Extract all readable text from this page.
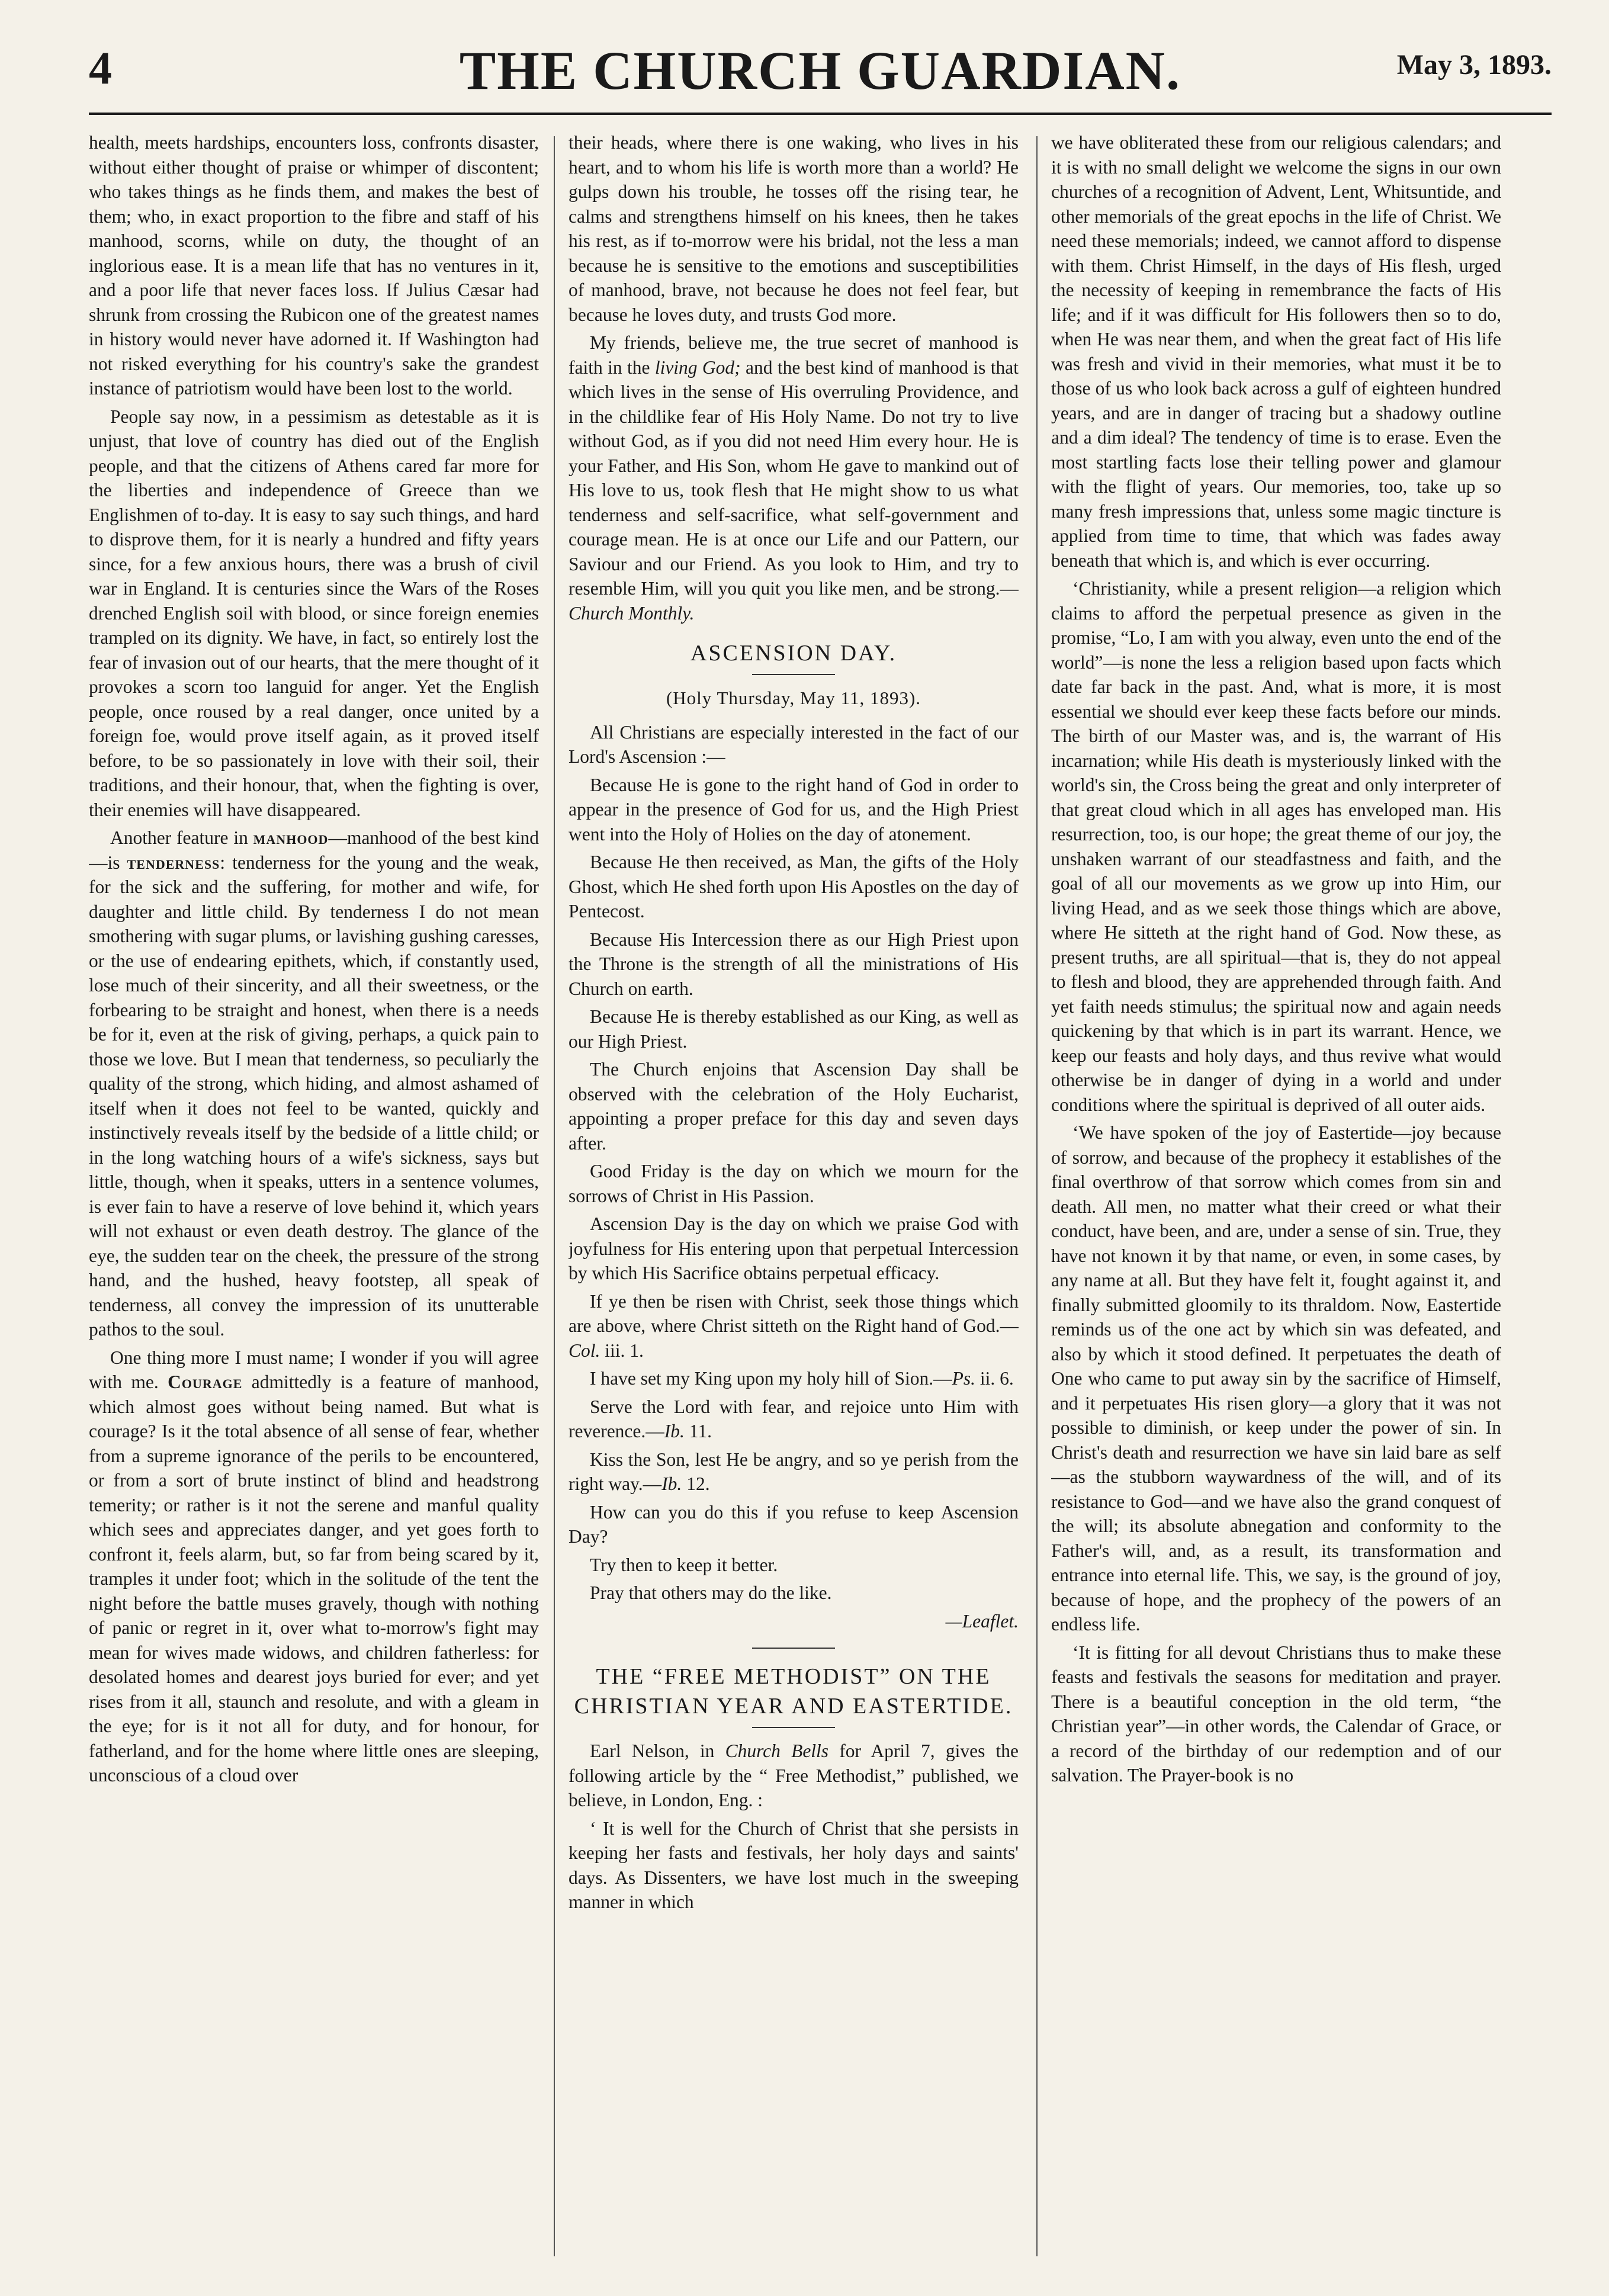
4	THE CHURCH GUARDIAN.	May 3, 1893.

health, meets hardships, encounters loss, confronts disaster, without either thought of praise or whimper of discontent; who takes things as he finds them, and makes the best of them; who, in exact proportion to the fibre and staff of his manhood, scorns, while on duty, the thought of an inglorious ease. It is a mean life that has no ventures in it, and a poor life that never faces loss. If Julius Cæsar had shrunk from crossing the Rubicon one of the greatest names in history would never have adorned it. If Washington had not risked everything for his country's sake the grandest instance of patriotism would have been lost to the world.

People say now, in a pessimism as detestable as it is unjust, that love of country has died out of the English people, and that the citizens of Athens cared far more for the liberties and independence of Greece than we Englishmen of to-day. It is easy to say such things, and hard to disprove them, for it is nearly a hundred and fifty years since, for a few anxious hours, there was a brush of civil war in England. It is centuries since the Wars of the Roses drenched English soil with blood, or since foreign enemies trampled on its dignity. We have, in fact, so entirely lost the fear of invasion out of our hearts, that the mere thought of it provokes a scorn too languid for anger. Yet the English people, once roused by a real danger, once united by a foreign foe, would prove itself again, as it proved itself before, to be so passionately in love with their soil, their traditions, and their honour, that, when the fighting is over, their enemies will have disappeared.

Another feature in manhood—manhood of the best kind—is tenderness: tenderness for the young and the weak, for the sick and the suffering, for mother and wife, for daughter and little child. By tenderness I do not mean smothering with sugar plums, or lavishing gushing caresses, or the use of endearing epithets, which, if constantly used, lose much of their sincerity, and all their sweetness, or the forbearing to be straight and honest, when there is a needs be for it, even at the risk of giving, perhaps, a quick pain to those we love. But I mean that tenderness, so peculiarly the quality of the strong, which hiding, and almost ashamed of itself when it does not feel to be wanted, quickly and instinctively reveals itself by the bedside of a little child; or in the long watching hours of a wife's sickness, says but little, though, when it speaks, utters in a sentence volumes, is ever fain to have a reserve of love behind it, which years will not exhaust or even death destroy. The glance of the eye, the sudden tear on the cheek, the pressure of the strong hand, and the hushed, heavy footstep, all speak of tenderness, all convey the impression of its unutterable pathos to the soul.

One thing more I must name; I wonder if you will agree with me. Courage admittedly is a feature of manhood, which almost goes without being named. But what is courage? Is it the total absence of all sense of fear, whether from a supreme ignorance of the perils to be encountered, or from a sort of brute instinct of blind and headstrong temerity; or rather is it not the serene and manful quality which sees and appreciates danger, and yet goes forth to confront it, feels alarm, but, so far from being scared by it, tramples it under foot; which in the solitude of the tent the night before the battle muses gravely, though with nothing of panic or regret in it, over what to-morrow's fight may mean for wives made widows, and children fatherless: for desolated homes and dearest joys buried for ever; and yet rises from it all, staunch and resolute, and with a gleam in the eye; for is it not all for duty, and for honour, for fatherland, and for the home where little ones are sleeping, unconscious of a cloud over

their heads, where there is one waking, who lives in his heart, and to whom his life is worth more than a world? He gulps down his trouble, he tosses off the rising tear, he calms and strengthens himself on his knees, then he takes his rest, as if to-morrow were his bridal, not the less a man because he is sensitive to the emotions and susceptibilities of manhood, brave, not because he does not feel fear, but because he loves duty, and trusts God more.

My friends, believe me, the true secret of manhood is faith in the living God; and the best kind of manhood is that which lives in the sense of His overruling Providence, and in the childlike fear of His Holy Name. Do not try to live without God, as if you did not need Him every hour. He is your Father, and His Son, whom He gave to mankind out of His love to us, took flesh that He might show to us what tenderness and self-sacrifice, what self-government and courage mean. He is at once our Life and our Pattern, our Saviour and our Friend. As you look to Him, and try to resemble Him, will you quit you like men, and be strong.—Church Monthly.

ASCENSION DAY.
(Holy Thursday, May 11, 1893).

All Christians are especially interested in the fact of our Lord's Ascension :—

Because He is gone to the right hand of God in order to appear in the presence of God for us, and the High Priest went into the Holy of Holies on the day of atonement.

Because He then received, as Man, the gifts of the Holy Ghost, which He shed forth upon His Apostles on the day of Pentecost.

Because His Intercession there as our High Priest upon the Throne is the strength of all the ministrations of His Church on earth.

Because He is thereby established as our King, as well as our High Priest.

The Church enjoins that Ascension Day shall be observed with the celebration of the Holy Eucharist, appointing a proper preface for this day and seven days after.

Good Friday is the day on which we mourn for the sorrows of Christ in His Passion.

Ascension Day is the day on which we praise God with joyfulness for His entering upon that perpetual Intercession by which His Sacrifice obtains perpetual efficacy.

If ye then be risen with Christ, seek those things which are above, where Christ sitteth on the Right hand of God.—Col. iii. 1.

I have set my King upon my holy hill of Sion.—Ps. ii. 6.

Serve the Lord with fear, and rejoice unto Him with reverence.—Ib. 11.

Kiss the Son, lest He be angry, and so ye perish from the right way.—Ib. 12.

How can you do this if you refuse to keep Ascension Day?

Try then to keep it better.

Pray that others may do the like.

—Leaflet.

THE “FREE METHODIST” ON THE CHRISTIAN YEAR AND EASTERTIDE.

Earl Nelson, in Church Bells for April 7, gives the following article by the “ Free Methodist,” published, we believe, in London, Eng. :

‘ It is well for the Church of Christ that she persists in keeping her fasts and festivals, her holy days and saints' days. As Dissenters, we have lost much in the sweeping manner in which

we have obliterated these from our religious calendars; and it is with no small delight we welcome the signs in our own churches of a recognition of Advent, Lent, Whitsuntide, and other memorials of the great epochs in the life of Christ. We need these memorials; indeed, we cannot afford to dispense with them. Christ Himself, in the days of His flesh, urged the necessity of keeping in remembrance the facts of His life; and if it was difficult for His followers then so to do, when He was near them, and when the great fact of His life was fresh and vivid in their memories, what must it be to those of us who look back across a gulf of eighteen hundred years, and are in danger of tracing but a shadowy outline and a dim ideal? The tendency of time is to erase. Even the most startling facts lose their telling power and glamour with the flight of years. Our memories, too, take up so many fresh impressions that, unless some magic tincture is applied from time to time, that which was fades away beneath that which is, and which is ever occurring.

‘Christianity, while a present religion—a religion which claims to afford the perpetual presence as given in the promise, “Lo, I am with you alway, even unto the end of the world”—is none the less a religion based upon facts which date far back in the past. And, what is more, it is most essential we should ever keep these facts before our minds. The birth of our Master was, and is, the warrant of His incarnation; while His death is mysteriously linked with the world's sin, the Cross being the great and only interpreter of that great cloud which in all ages has enveloped man. His resurrection, too, is our hope; the great theme of our joy, the unshaken warrant of our steadfastness and faith, and the goal of all our movements as we grow up into Him, our living Head, and as we seek those things which are above, where He sitteth at the right hand of God. Now these, as present truths, are all spiritual—that is, they do not appeal to flesh and blood, they are apprehended through faith. And yet faith needs stimulus; the spiritual now and again needs quickening by that which is in part its warrant. Hence, we keep our feasts and holy days, and thus revive what would otherwise be in danger of dying in a world and under conditions where the spiritual is deprived of all outer aids.

‘We have spoken of the joy of Eastertide—joy because of sorrow, and because of the prophecy it establishes of the final overthrow of that sorrow which comes from sin and death. All men, no matter what their creed or what their conduct, have been, and are, under a sense of sin. True, they have not known it by that name, or even, in some cases, by any name at all. But they have felt it, fought against it, and finally submitted gloomily to its thraldom. Now, Eastertide reminds us of the one act by which sin was defeated, and also by which it stood defined. It perpetuates the death of One who came to put away sin by the sacrifice of Himself, and it perpetuates His risen glory—a glory that it was not possible to diminish, or keep under the power of sin. In Christ's death and resurrection we have sin laid bare as self—as the stubborn waywardness of the will, and of its resistance to God—and we have also the grand conquest of the will; its absolute abnegation and conformity to the Father's will, and, as a result, its transformation and entrance into eternal life. This, we say, is the ground of joy, because of hope, and the prophecy of the powers of an endless life.

‘It is fitting for all devout Christians thus to make these feasts and festivals the seasons for meditation and prayer. There is a beautiful conception in the old term, “the Christian year”—in other words, the Calendar of Grace, or a record of the birthday of our redemption and of our salvation. The Prayer-book is no
